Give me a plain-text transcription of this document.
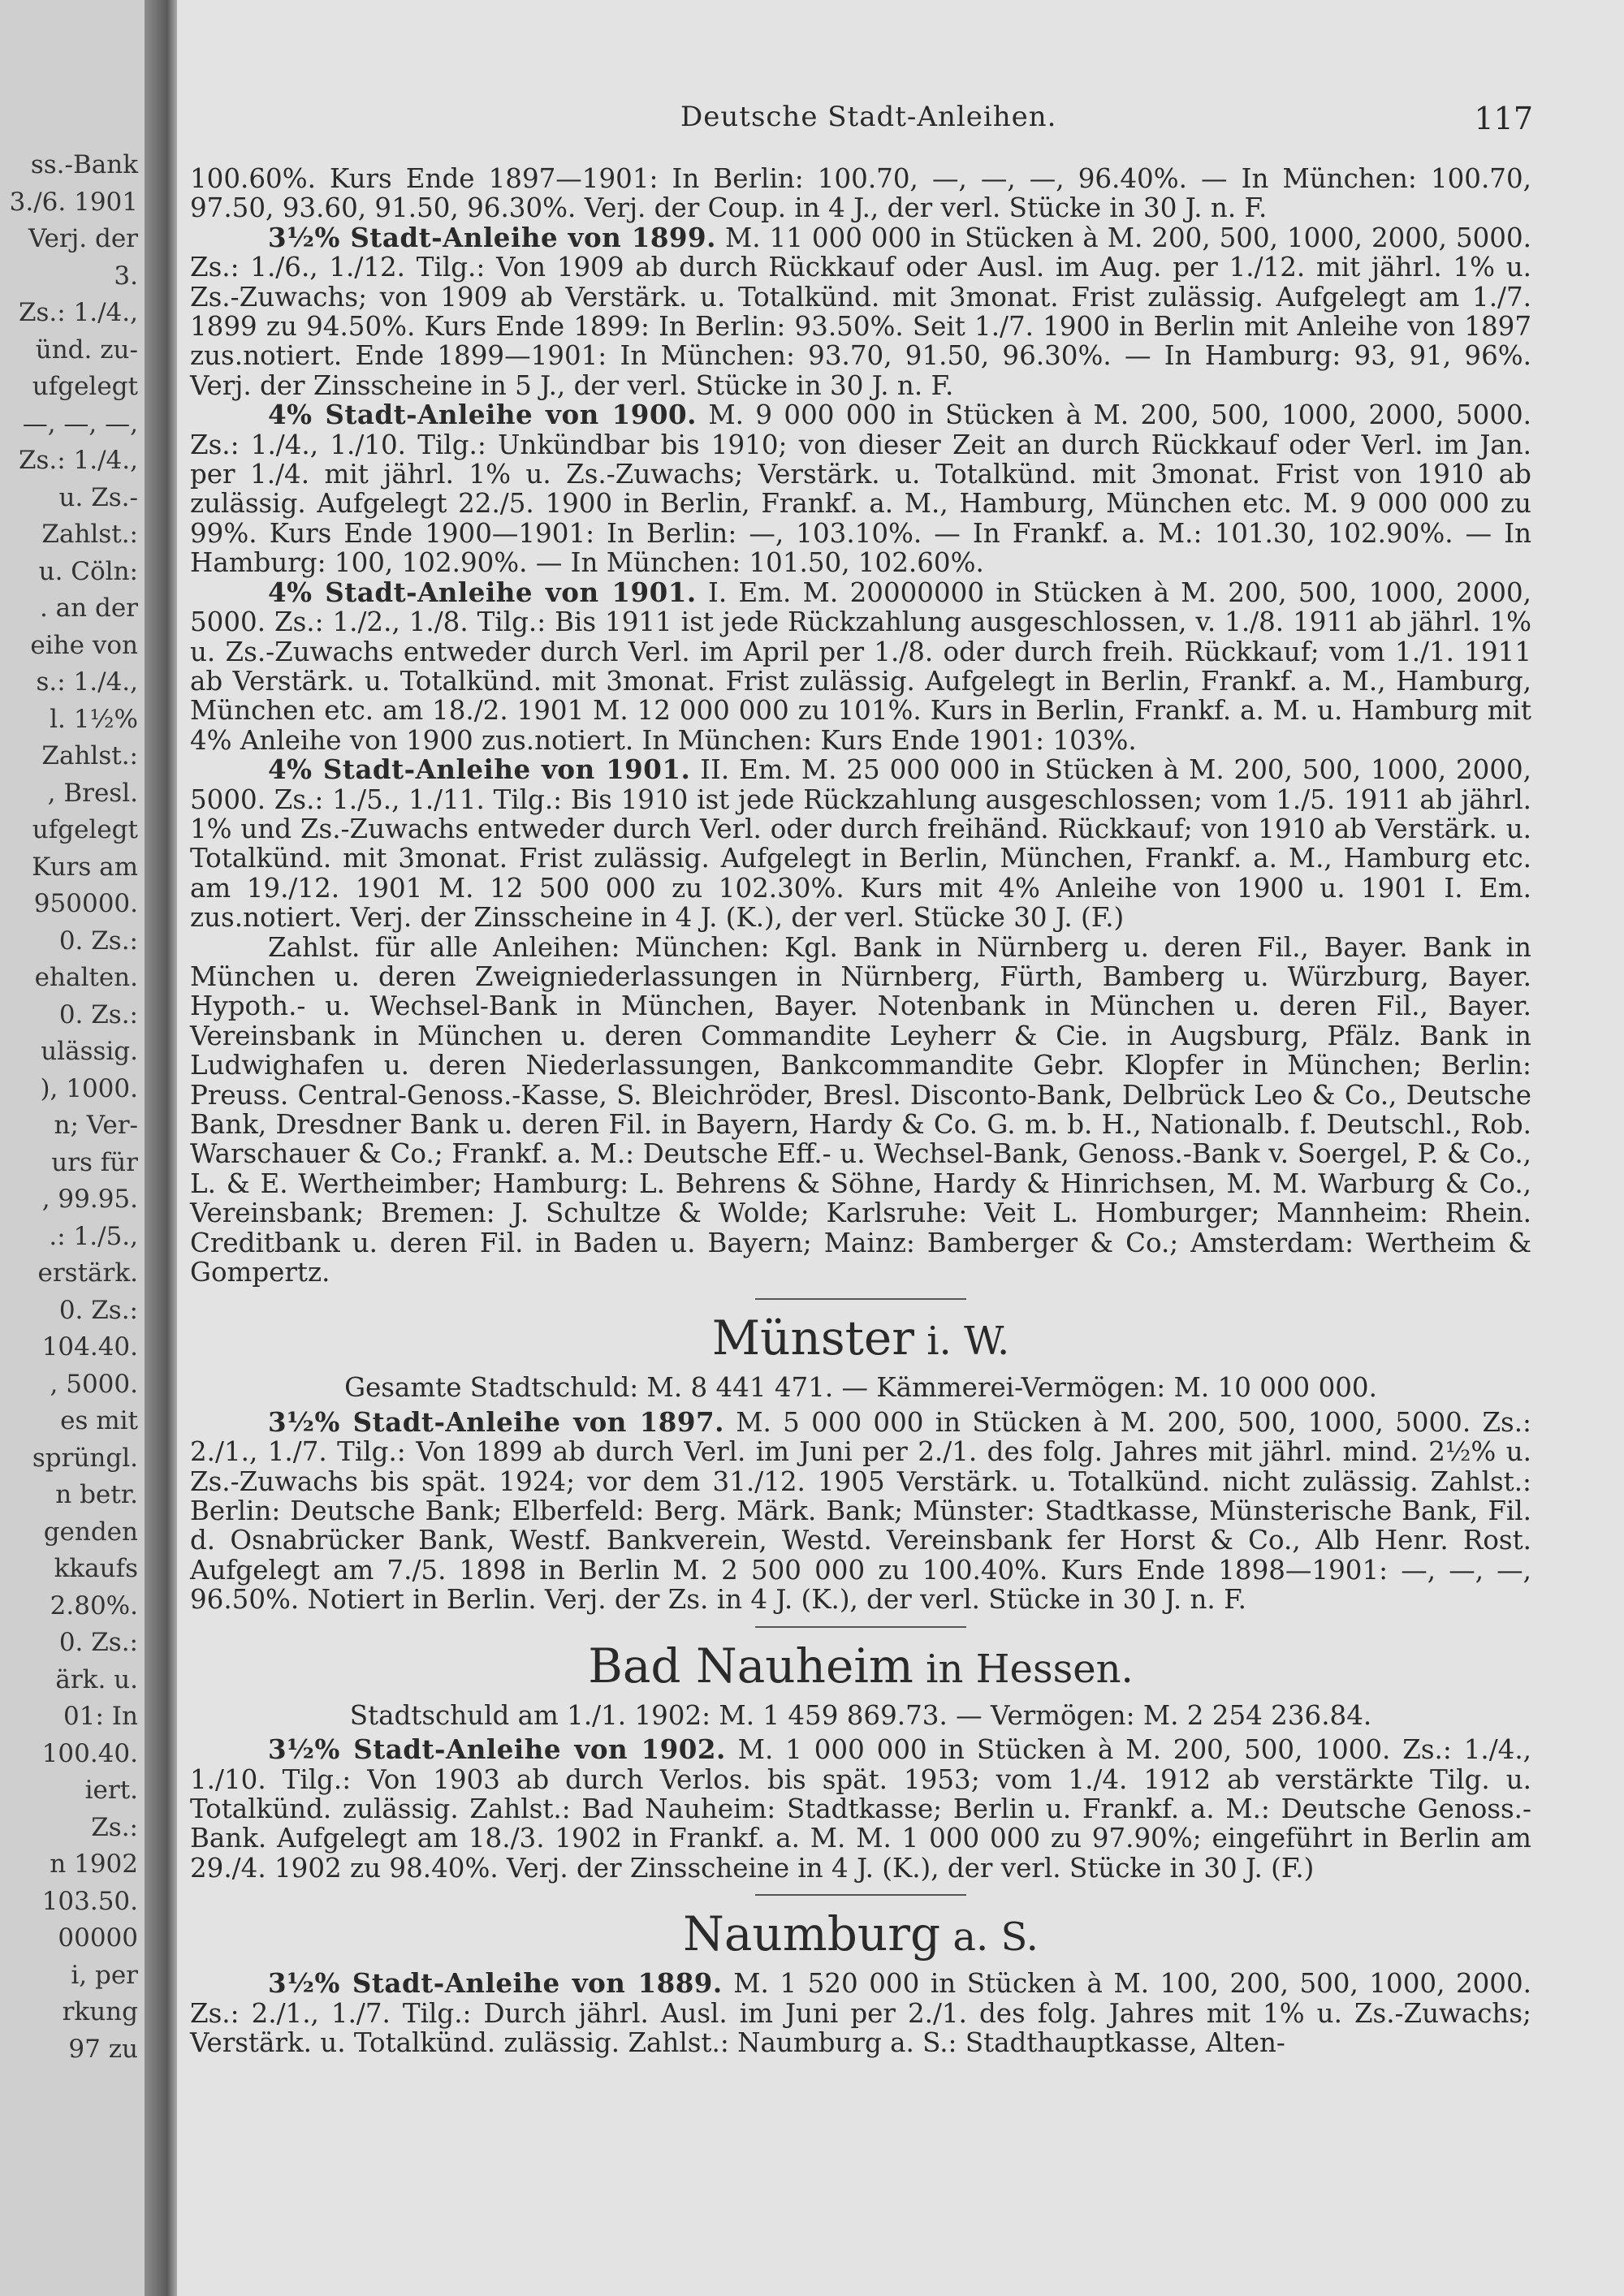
ss.-Bank
3./6. 1901
Verj. der
3.
Zs.: 1./4.,
ünd. zu-
ufgelegt
—, —, —,
Zs.: 1./4.,
u. Zs.-
Zahlst.:
u. Cöln:
. an der
eihe von
s.: 1./4.,
l. 1½%
Zahlst.:
, Bresl.
ufgelegt
Kurs am
950000.
0. Zs.:
ehalten.
0. Zs.:
ulässig.
), 1000.
n; Ver-
urs für
, 99.95.
.: 1./5.,
erstärk.
0. Zs.:
104.40.
, 5000.
es mit
sprüngl.
n betr.
genden
kkaufs
2.80%.
0. Zs.:
ärk. u.
01: In
100.40.
iert.
Zs.:
n 1902
103.50.
00000
i, per
rkung
97 zu
Deutsche Stadt-Anleihen.	117

100.60%. Kurs Ende 1897—1901: In Berlin: 100.70, —, —, —, 96.40%. — In München: 100.70, 97.50, 93.60, 91.50, 96.30%. Verj. der Coup. in 4 J., der verl. Stücke in 30 J. n. F.

3½% Stadt-Anleihe von 1899. M. 11 000 000 in Stücken à M. 200, 500, 1000, 2000, 5000. Zs.: 1./6., 1./12. Tilg.: Von 1909 ab durch Rückkauf oder Ausl. im Aug. per 1./12. mit jährl. 1% u. Zs.-Zuwachs; von 1909 ab Verstärk. u. Totalkünd. mit 3monat. Frist zulässig. Aufgelegt am 1./7. 1899 zu 94.50%. Kurs Ende 1899: In Berlin: 93.50%. Seit 1./7. 1900 in Berlin mit Anleihe von 1897 zus.notiert. Ende 1899—1901: In München: 93.70, 91.50, 96.30%. — In Hamburg: 93, 91, 96%. Verj. der Zinsscheine in 5 J., der verl. Stücke in 30 J. n. F.

4% Stadt-Anleihe von 1900. M. 9 000 000 in Stücken à M. 200, 500, 1000, 2000, 5000. Zs.: 1./4., 1./10. Tilg.: Unkündbar bis 1910; von dieser Zeit an durch Rückkauf oder Verl. im Jan. per 1./4. mit jährl. 1% u. Zs.-Zuwachs; Verstärk. u. Totalkünd. mit 3monat. Frist von 1910 ab zulässig. Aufgelegt 22./5. 1900 in Berlin, Frankf. a. M., Hamburg, München etc. M. 9 000 000 zu 99%. Kurs Ende 1900—1901: In Berlin: —, 103.10%. — In Frankf. a. M.: 101.30, 102.90%. — In Hamburg: 100, 102.90%. — In München: 101.50, 102.60%.

4% Stadt-Anleihe von 1901. I. Em. M. 20000000 in Stücken à M. 200, 500, 1000, 2000, 5000. Zs.: 1./2., 1./8. Tilg.: Bis 1911 ist jede Rückzahlung ausgeschlossen, v. 1./8. 1911 ab jährl. 1% u. Zs.-Zuwachs entweder durch Verl. im April per 1./8. oder durch freih. Rückkauf; vom 1./1. 1911 ab Verstärk. u. Totalkünd. mit 3monat. Frist zulässig. Aufgelegt in Berlin, Frankf. a. M., Hamburg, München etc. am 18./2. 1901 M. 12 000 000 zu 101%. Kurs in Berlin, Frankf. a. M. u. Hamburg mit 4% Anleihe von 1900 zus.notiert. In München: Kurs Ende 1901: 103%.

4% Stadt-Anleihe von 1901. II. Em. M. 25 000 000 in Stücken à M. 200, 500, 1000, 2000, 5000. Zs.: 1./5., 1./11. Tilg.: Bis 1910 ist jede Rückzahlung ausgeschlossen; vom 1./5. 1911 ab jährl. 1% und Zs.-Zuwachs entweder durch Verl. oder durch freihänd. Rückkauf; von 1910 ab Verstärk. u. Totalkünd. mit 3monat. Frist zulässig. Aufgelegt in Berlin, München, Frankf. a. M., Hamburg etc. am 19./12. 1901 M. 12 500 000 zu 102.30%. Kurs mit 4% Anleihe von 1900 u. 1901 I. Em. zus.notiert. Verj. der Zinsscheine in 4 J. (K.), der verl. Stücke 30 J. (F.)

Zahlst. für alle Anleihen: München: Kgl. Bank in Nürnberg u. deren Fil., Bayer. Bank in München u. deren Zweigniederlassungen in Nürnberg, Fürth, Bamberg u. Würzburg, Bayer. Hypoth.- u. Wechsel-Bank in München, Bayer. Notenbank in München u. deren Fil., Bayer. Vereinsbank in München u. deren Commandite Leyherr & Cie. in Augsburg, Pfälz. Bank in Ludwighafen u. deren Niederlassungen, Bankcommandite Gebr. Klopfer in München; Berlin: Preuss. Central-Genoss.-Kasse, S. Bleichröder, Bresl. Disconto-Bank, Delbrück Leo & Co., Deutsche Bank, Dresdner Bank u. deren Fil. in Bayern, Hardy & Co. G. m. b. H., Nationalb. f. Deutschl., Rob. Warschauer & Co.; Frankf. a. M.: Deutsche Eff.- u. Wechsel-Bank, Genoss.-Bank v. Soergel, P. & Co., L. & E. Wertheimber; Hamburg: L. Behrens & Söhne, Hardy & Hinrichsen, M. M. Warburg & Co., Vereinsbank; Bremen: J. Schultze & Wolde; Karlsruhe: Veit L. Homburger; Mannheim: Rhein. Creditbank u. deren Fil. in Baden u. Bayern; Mainz: Bamberger & Co.; Amsterdam: Wertheim & Gompertz.

Münster i. W.

Gesamte Stadtschuld: M. 8 441 471. — Kämmerei-Vermögen: M. 10 000 000.

3½% Stadt-Anleihe von 1897. M. 5 000 000 in Stücken à M. 200, 500, 1000, 5000. Zs.: 2./1., 1./7. Tilg.: Von 1899 ab durch Verl. im Juni per 2./1. des folg. Jahres mit jährl. mind. 2½% u. Zs.-Zuwachs bis spät. 1924; vor dem 31./12. 1905 Verstärk. u. Totalkünd. nicht zulässig. Zahlst.: Berlin: Deutsche Bank; Elberfeld: Berg. Märk. Bank; Münster: Stadtkasse, Münsterische Bank, Fil. d. Osnabrücker Bank, Westf. Bankverein, Westd. Vereinsbank fer Horst & Co., Alb Henr. Rost. Aufgelegt am 7./5. 1898 in Berlin M. 2 500 000 zu 100.40%. Kurs Ende 1898—1901: —, —, —, 96.50%. Notiert in Berlin. Verj. der Zs. in 4 J. (K.), der verl. Stücke in 30 J. n. F.

Bad Nauheim in Hessen.

Stadtschuld am 1./1. 1902: M. 1 459 869.73. — Vermögen: M. 2 254 236.84.

3½% Stadt-Anleihe von 1902. M. 1 000 000 in Stücken à M. 200, 500, 1000. Zs.: 1./4., 1./10. Tilg.: Von 1903 ab durch Verlos. bis spät. 1953; vom 1./4. 1912 ab verstärkte Tilg. u. Totalkünd. zulässig. Zahlst.: Bad Nauheim: Stadtkasse; Berlin u. Frankf. a. M.: Deutsche Genoss.-Bank. Aufgelegt am 18./3. 1902 in Frankf. a. M. M. 1 000 000 zu 97.90%; eingeführt in Berlin am 29./4. 1902 zu 98.40%. Verj. der Zinsscheine in 4 J. (K.), der verl. Stücke in 30 J. (F.)

Naumburg a. S.

3½% Stadt-Anleihe von 1889. M. 1 520 000 in Stücken à M. 100, 200, 500, 1000, 2000. Zs.: 2./1., 1./7. Tilg.: Durch jährl. Ausl. im Juni per 2./1. des folg. Jahres mit 1% u. Zs.-Zuwachs; Verstärk. u. Totalkünd. zulässig. Zahlst.: Naumburg a. S.: Stadthauptkasse, Alten-
